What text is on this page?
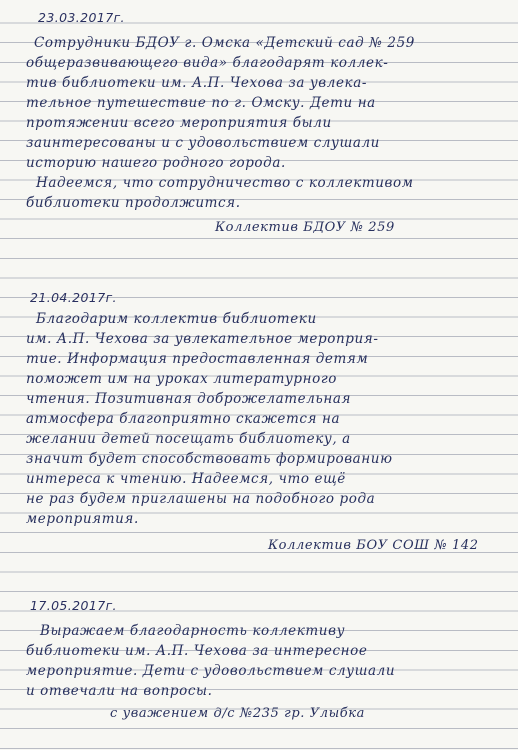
23.03.2017г.
Сотрудники БДОУ г. Омска «Детский сад № 259
общеразвивающего вида» благодарят коллек-
тив библиотеки им. А.П. Чехова за увлека-
тельное путешествие по г. Омску. Дети на
протяжении всего мероприятия были
заинтересованы и с удовольствием слушали
историю нашего родного города.
Надеемся, что сотрудничество с коллективом
библиотеки продолжится.
Коллектив БДОУ № 259
21.04.2017г.
Благодарим коллектив библиотеки
им. А.П. Чехова за увлекательное мероприя-
тие. Информация предоставленная детям
поможет им на уроках литературного
чтения. Позитивная доброжелательная
атмосфера благоприятно скажется на
желании детей посещать библиотеку, а
значит будет способствовать формированию
интереса к чтению. Надеемся, что ещё
не раз будем приглашены на подобного рода
мероприятия.
Коллектив БОУ СОШ № 142
17.05.2017г.
Выражаем благодарность коллективу
библиотеки им. А.П. Чехова за интересное
мероприятие. Дети с удовольствием слушали
и отвечали на вопросы.
с уважением д/с №235 гр. Улыбка
